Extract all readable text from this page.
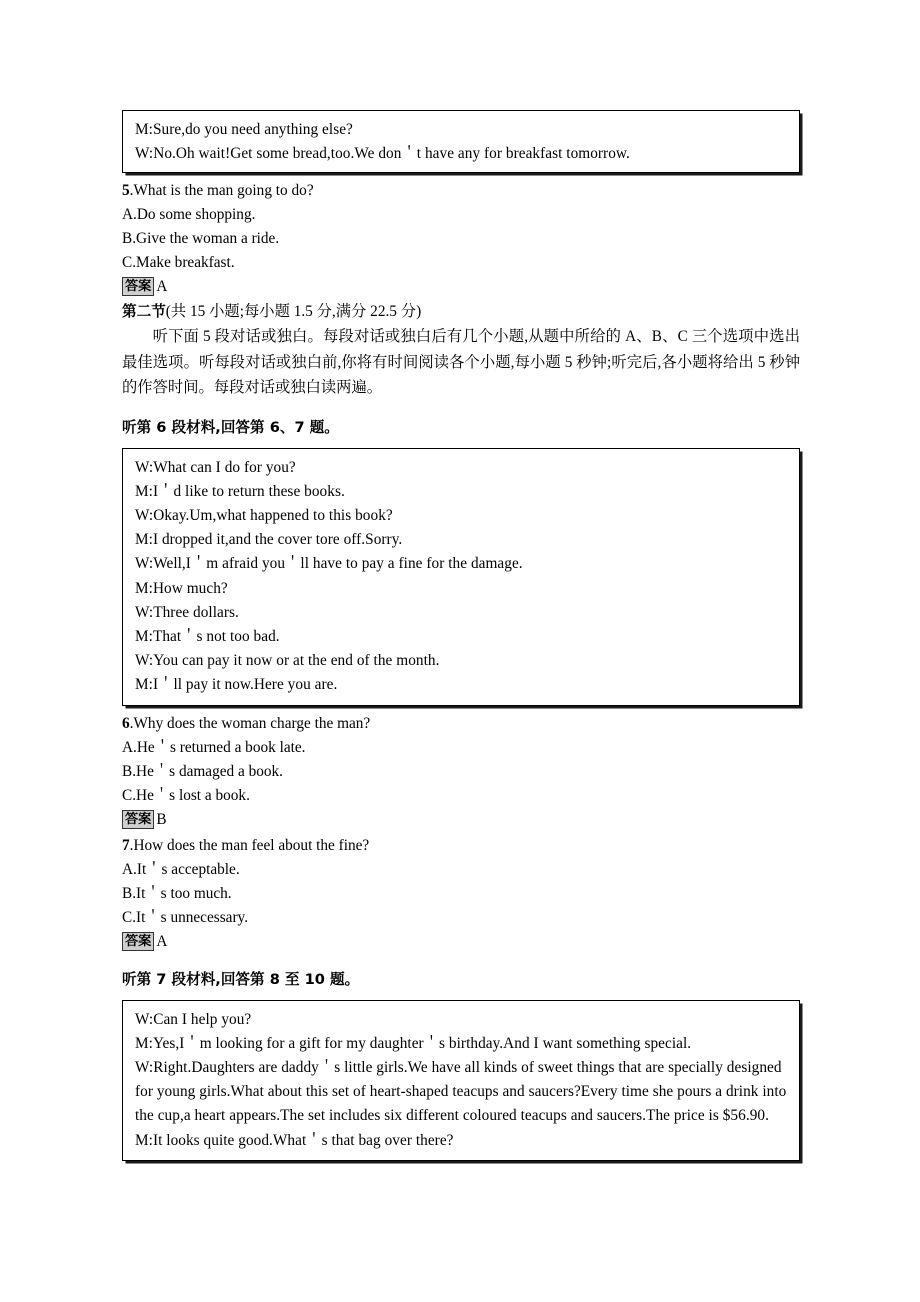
M:Sure,do you need anything else?
W:No.Oh wait!Get some bread,too.We don＇t have any for breakfast tomorrow.
5.What is the man going to do?
A.Do some shopping.
B.Give the woman a ride.
C.Make breakfast.
答案 A
第二节(共 15 小题;每小题 1.5 分,满分 22.5 分)

听下面 5 段对话或独白。每段对话或独白后有几个小题,从题中所给的 A、B、C 三个选项中选出最佳选项。听每段对话或独白前,你将有时间阅读各个小题,每小题 5 秒钟;听完后,各小题将给出 5 秒钟的作答时间。每段对话或独白读两遍。

听第 6 段材料,回答第 6、7 题。
W:What can I do for you?
M:I＇d like to return these books.
W:Okay.Um,what happened to this book?
M:I dropped it,and the cover tore off.Sorry.
W:Well,I＇m afraid you＇ll have to pay a fine for the damage.
M:How much?
W:Three dollars.
M:That＇s not too bad.
W:You can pay it now or at the end of the month.
M:I＇ll pay it now.Here you are.
6.Why does the woman charge the man?
A.He＇s returned a book late.
B.He＇s damaged a book.
C.He＇s lost a book.
答案 B
7.How does the man feel about the fine?
A.It＇s acceptable.
B.It＇s too much.
C.It＇s unnecessary.
答案 A
听第 7 段材料,回答第 8 至 10 题。
W:Can I help you?
M:Yes,I＇m looking for a gift for my daughter＇s birthday.And I want something special.
W:Right.Daughters are daddy＇s little girls.We have all kinds of sweet things that are specially designed for young girls.What about this set of heart-shaped teacups and saucers?Every time she pours a drink into the cup,a heart appears.The set includes six different coloured teacups and saucers.The price is $56.90.
M:It looks quite good.What＇s that bag over there?
